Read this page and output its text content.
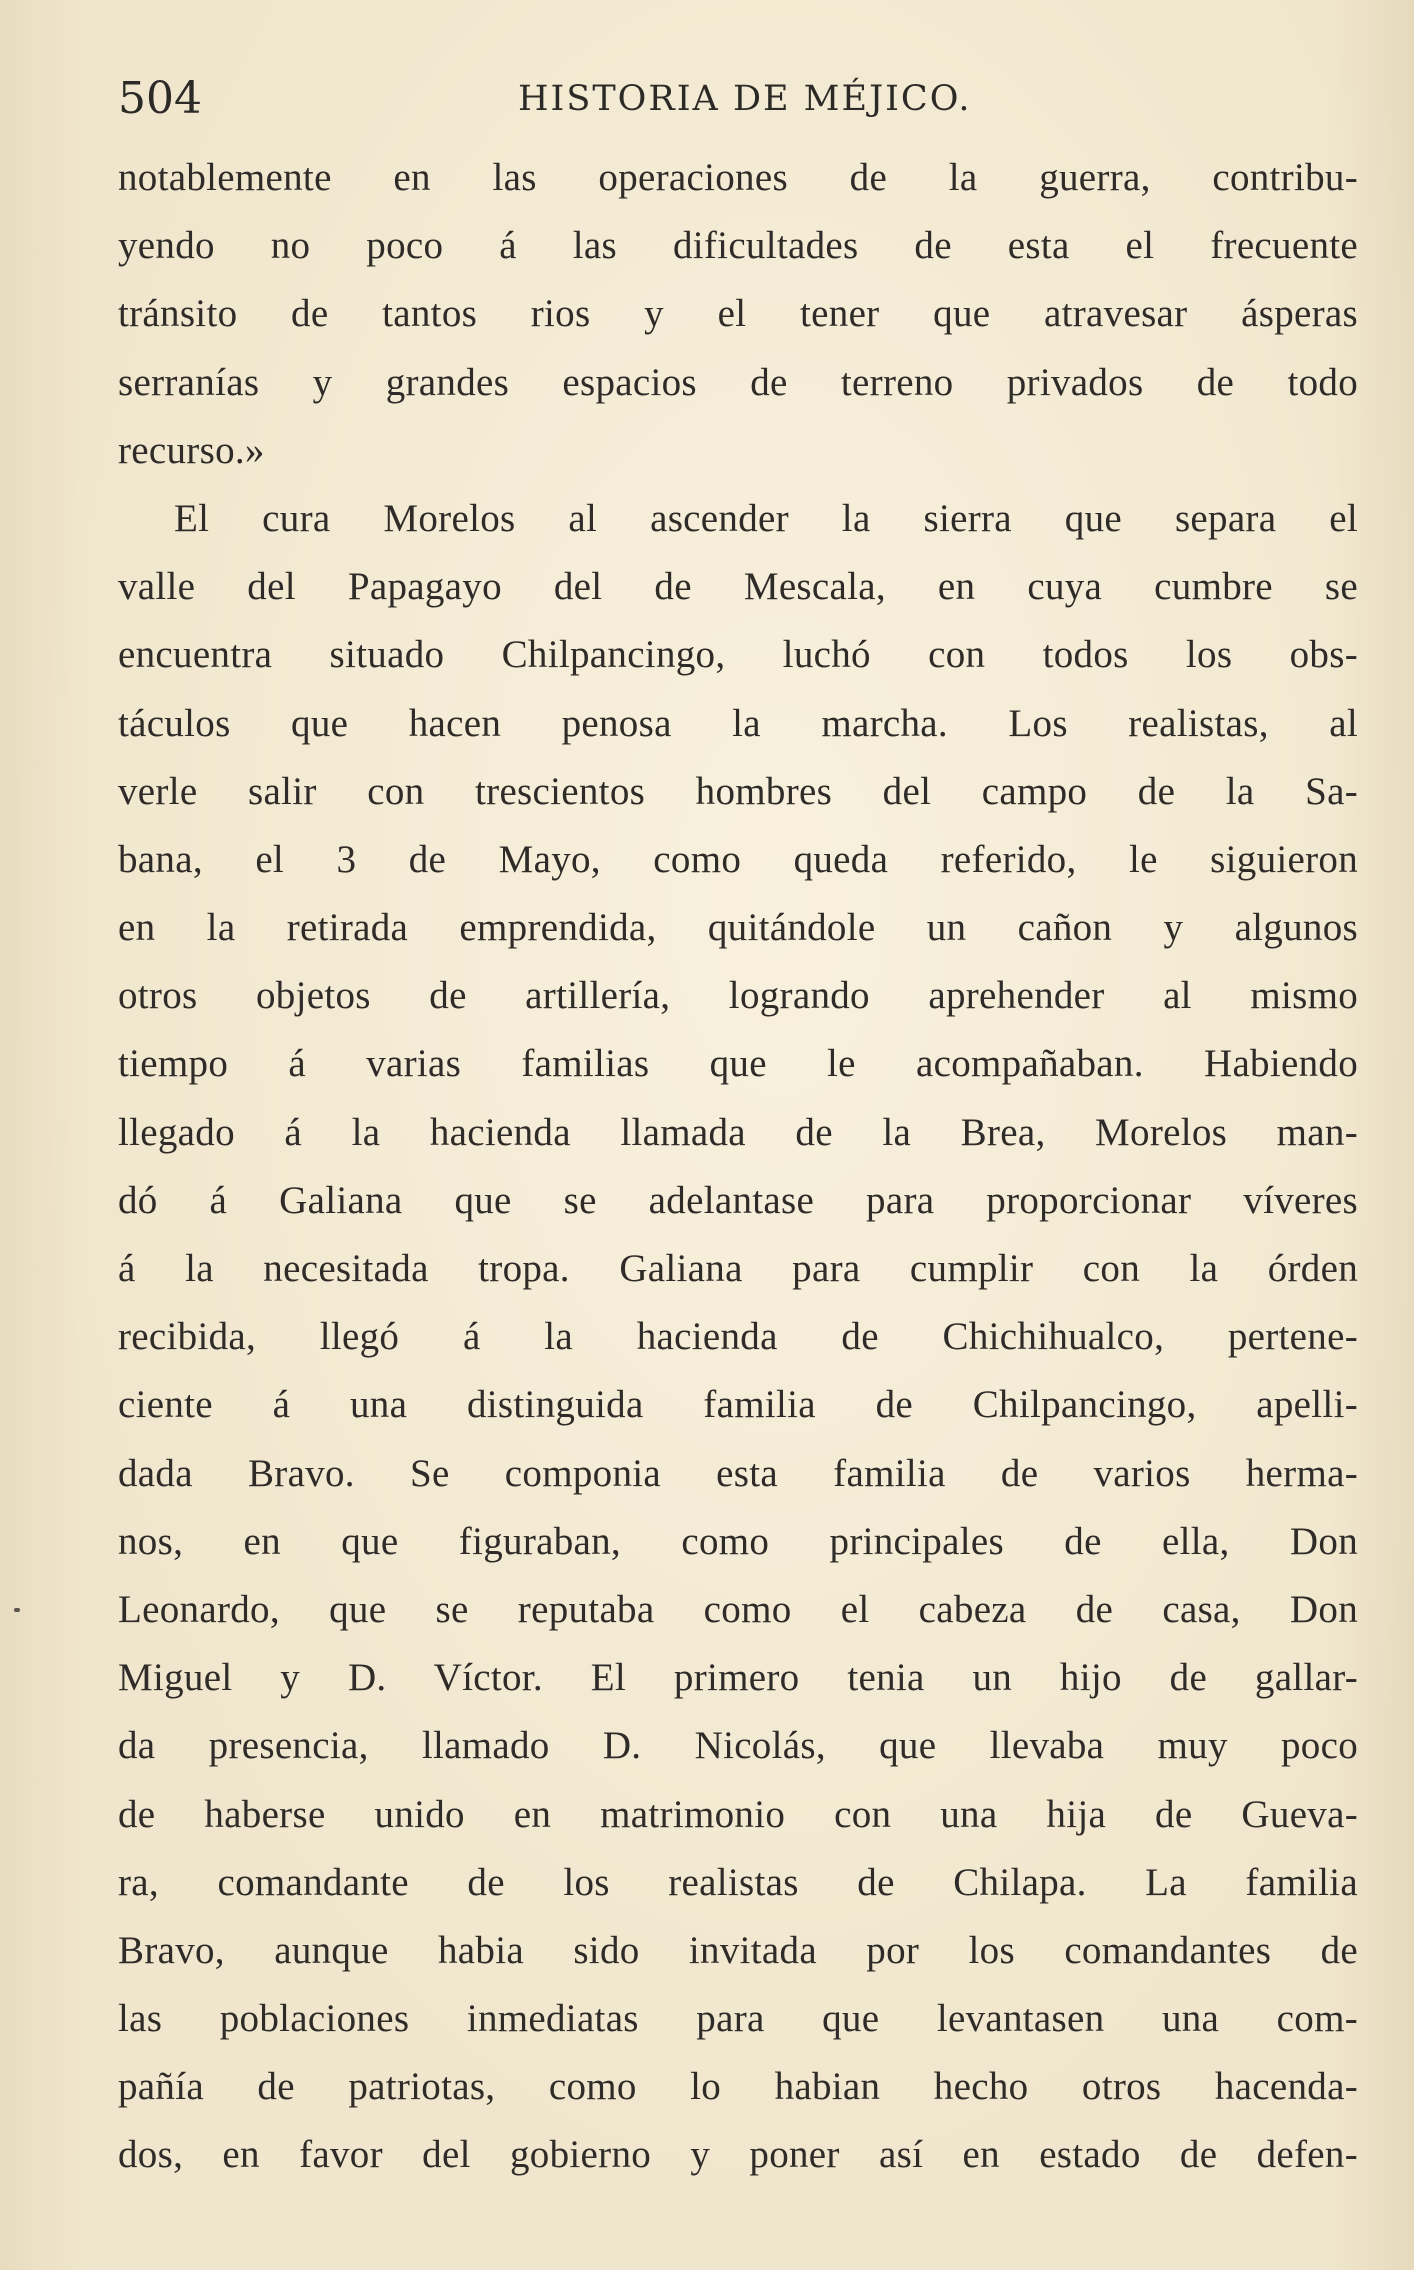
504	HISTORIA DE MÉJICO.
notablemente en las operaciones de la guerra, contribu-
yendo no poco á las dificultades de esta el frecuente
tránsito de tantos rios y el tener que atravesar ásperas
serranías y grandes espacios de terreno privados de todo
recurso.»
El cura Morelos al ascender la sierra que separa el
valle del Papagayo del de Mescala, en cuya cumbre se
encuentra situado Chilpancingo, luchó con todos los obs-
táculos que hacen penosa la marcha. Los realistas, al
verle salir con trescientos hombres del campo de la Sa-
bana, el 3 de Mayo, como queda referido, le siguieron
en la retirada emprendida, quitándole un cañon y algunos
otros objetos de artillería, logrando aprehender al mismo
tiempo á varias familias que le acompañaban. Habiendo
llegado á la hacienda llamada de la Brea, Morelos man-
dó á Galiana que se adelantase para proporcionar víveres
á la necesitada tropa. Galiana para cumplir con la órden
recibida, llegó á la hacienda de Chichihualco, pertene-
ciente á una distinguida familia de Chilpancingo, apelli-
dada Bravo. Se componia esta familia de varios herma-
nos, en que figuraban, como principales de ella, Don
Leonardo, que se reputaba como el cabeza de casa, Don
Miguel y D. Víctor. El primero tenia un hijo de gallar-
da presencia, llamado D. Nicolás, que llevaba muy poco
de haberse unido en matrimonio con una hija de Gueva-
ra, comandante de los realistas de Chilapa. La familia
Bravo, aunque habia sido invitada por los comandantes de
las poblaciones inmediatas para que levantasen una com-
pañía de patriotas, como lo habian hecho otros hacenda-
dos, en favor del gobierno y poner así en estado de defen-
